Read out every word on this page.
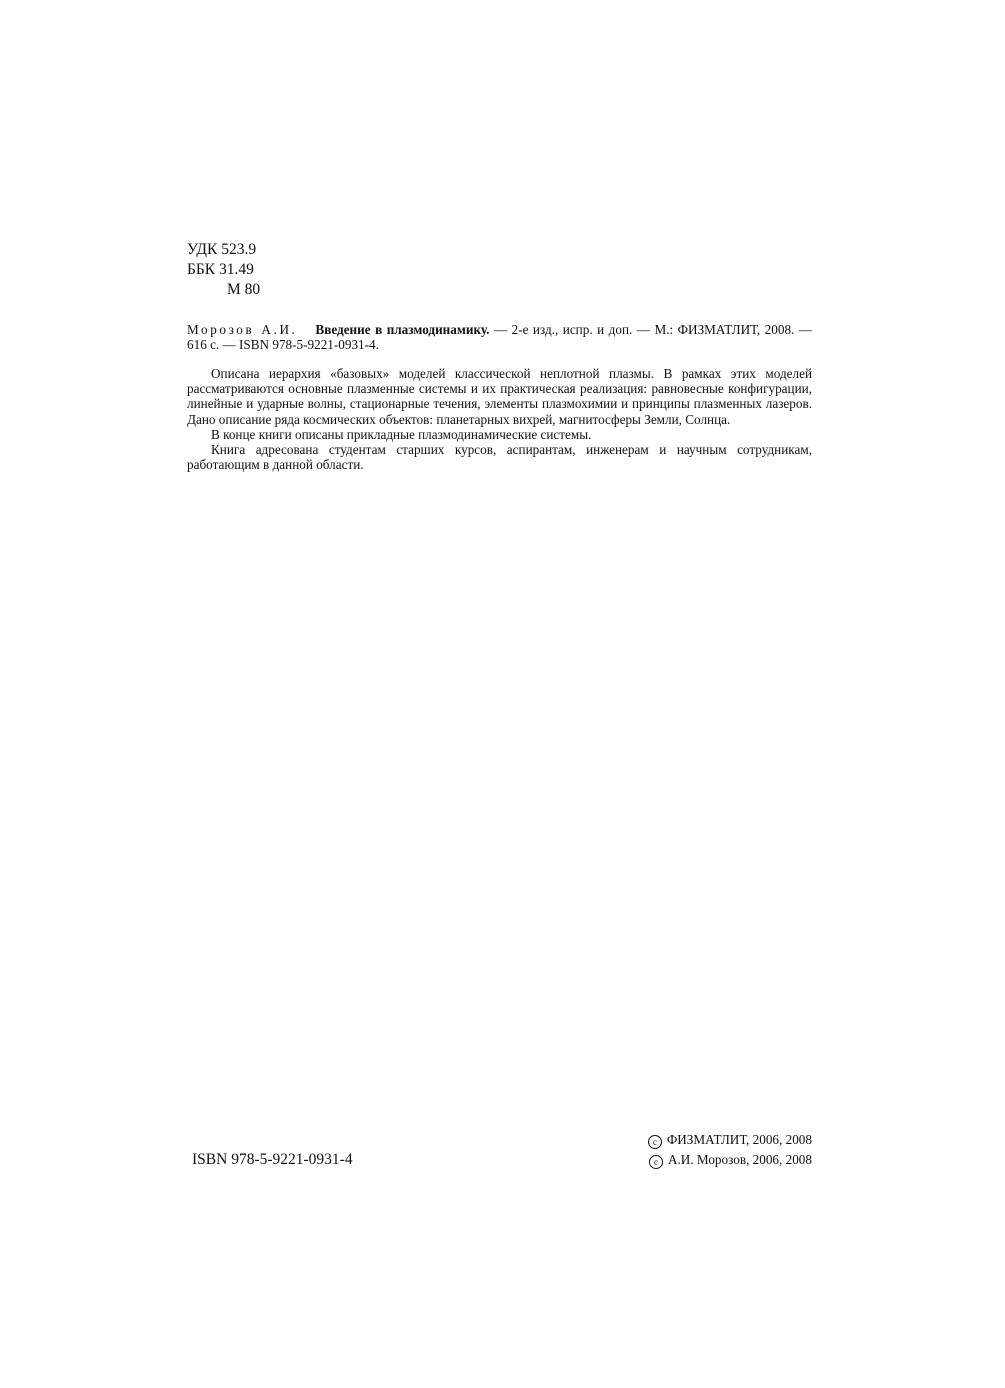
УДК 523.9
ББК 31.49
М 80
Морозов А.И. Введение в плазмодинамику. — 2-е изд., испр. и доп. — М.: ФИЗМАТЛИТ, 2008. — 616 с. — ISBN 978-5-9221-0931-4.

Описана иерархия «базовых» моделей классической неплотной плазмы. В рамках этих моделей рассматриваются основные плазменные системы и их практическая реализация: равновесные конфигурации, линейные и ударные волны, стационарные течения, элементы плазмохимии и принципы плазменных лазеров. Дано описание ряда космических объектов: планетарных вихрей, магнитосферы Земли, Солнца.

В конце книги описаны прикладные плазмодинамические системы.

Книга адресована студентам старших курсов, аспирантам, инженерам и научным сотрудникам, работающим в данной области.

ISBN 978-5-9221-0931-4
c ФИЗМАТЛИТ, 2006, 2008
c А.И. Морозов, 2006, 2008
